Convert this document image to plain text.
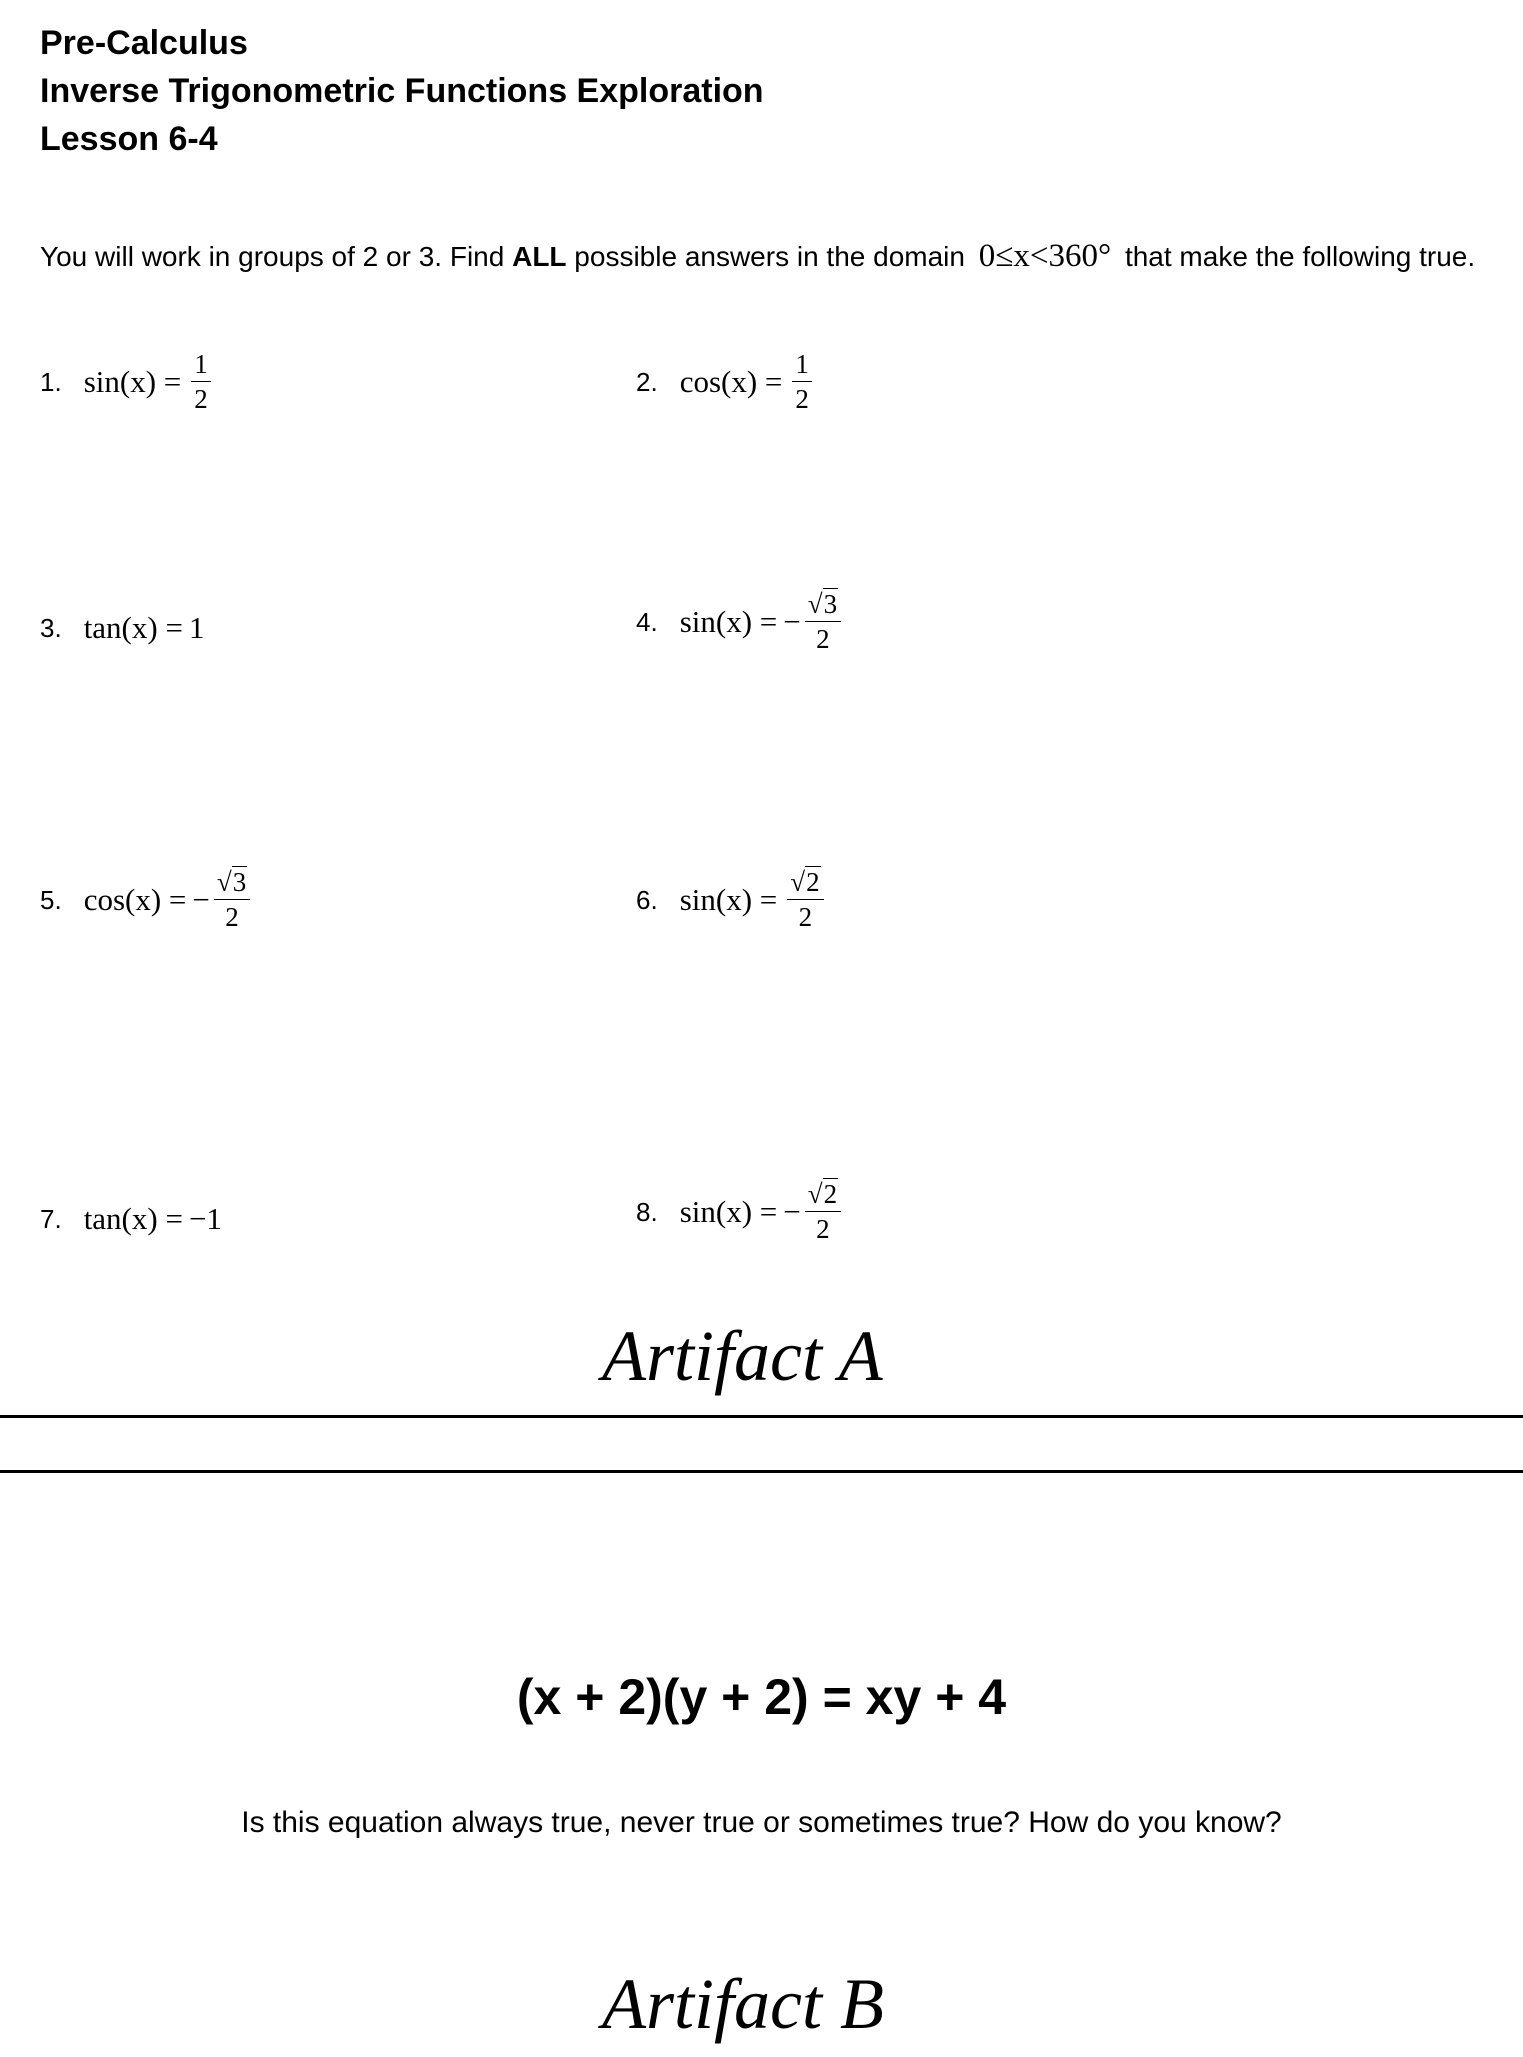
Pre-Calculus
Inverse Trigonometric Functions Exploration
Lesson 6-4
You will work in groups of 2 or 3. Find ALL possible answers in the domain 0≤x<360° that make the following true.
1. $\sin(x) = \frac{1}{2}$	2. $\cos(x) = \frac{1}{2}$
3. tan(x) = 1	4. sin(x) = − $\frac{√3}{2}$
5. cos(x) = − $\frac{√3}{2}$	6. $\sin(x) = \frac{√2}{2}$
7. tan(x) = −1	8. sin(x) = − $\frac{√2}{2}$
Artifact A
(x + 2)(y + 2) = xy + 4
Is this equation always true, never true or sometimes true? How do you know?
Artifact B
